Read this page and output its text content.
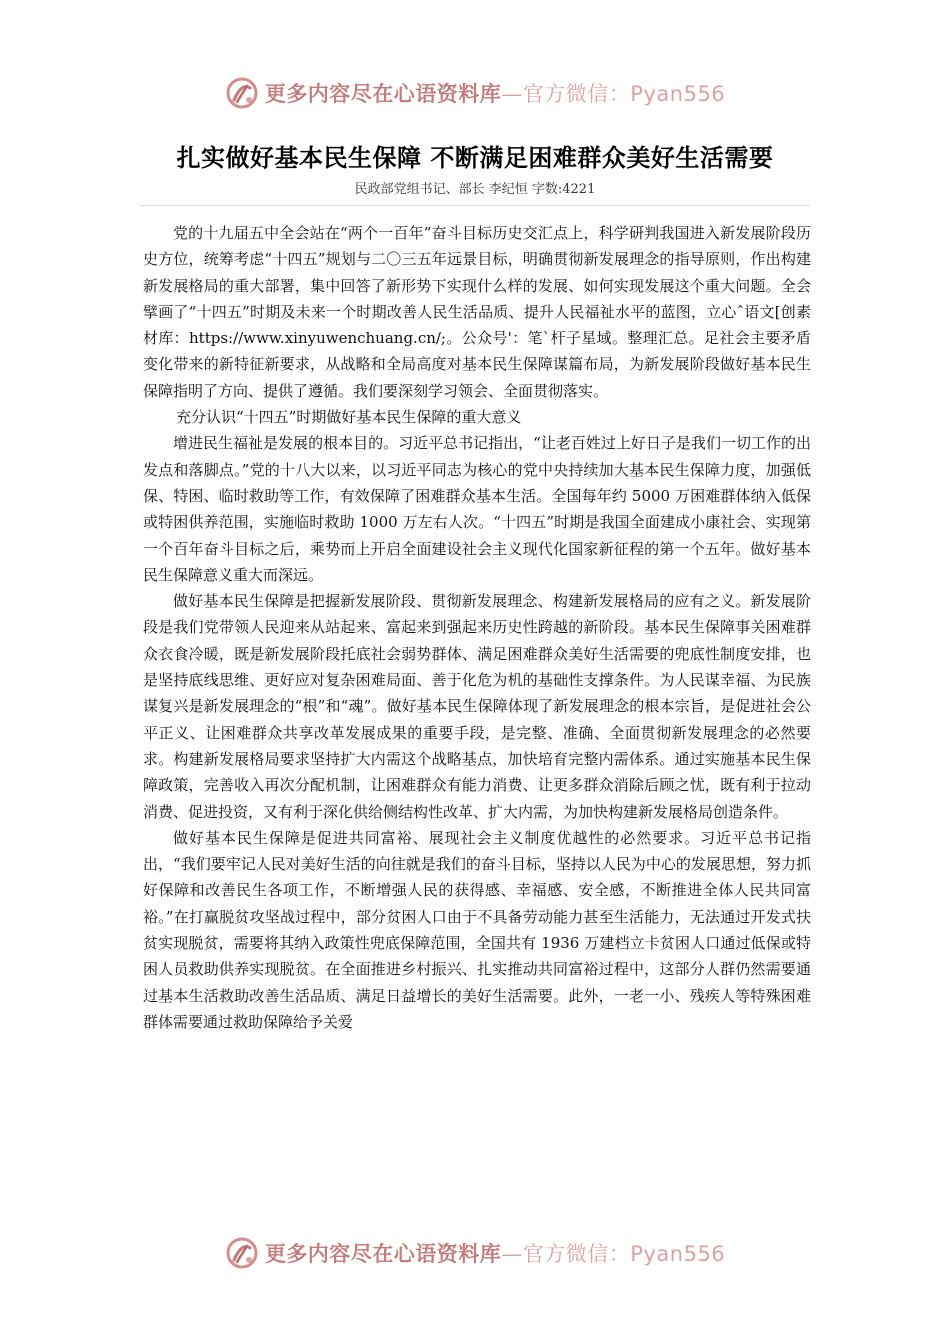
更多内容尽在心语资料库—官方微信：Pyan556
扎实做好基本民生保障 不断满足困难群众美好生活需要
民政部党组书记、部长 李纪恒 字数:4221

党的十九届五中全会站在“两个一百年”奋斗目标历史交汇点上，科学研判我国进入新发展阶段历史方位，统筹考虑“十四五”规划与二〇三五年远景目标，明确贯彻新发展理念的指导原则，作出构建新发展格局的重大部署，集中回答了新形势下实现什么样的发展、如何实现发展这个重大问题。全会擘画了“十四五”时期及未来一个时期改善人民生活品质、提升人民福祉水平的蓝图，立心ˆ语文[创素材库：https://www.xinyuwenchuang.cn/;。公众号'：笔`杆子星域。整理汇总。足社会主要矛盾变化带来的新特征新要求，从战略和全局高度对基本民生保障谋篇布局，为新发展阶段做好基本民生保障指明了方向、提供了遵循。我们要深刻学习领会、全面贯彻落实。

充分认识“十四五”时期做好基本民生保障的重大意义

增进民生福祉是发展的根本目的。习近平总书记指出，“让老百姓过上好日子是我们一切工作的出发点和落脚点。”党的十八大以来，以习近平同志为核心的党中央持续加大基本民生保障力度，加强低保、特困、临时救助等工作，有效保障了困难群众基本生活。全国每年约 5000 万困难群体纳入低保或特困供养范围，实施临时救助 1000 万左右人次。“十四五”时期是我国全面建成小康社会、实现第一个百年奋斗目标之后，乘势而上开启全面建设社会主义现代化国家新征程的第一个五年。做好基本民生保障意义重大而深远。

做好基本民生保障是把握新发展阶段、贯彻新发展理念、构建新发展格局的应有之义。新发展阶段是我们党带领人民迎来从站起来、富起来到强起来历史性跨越的新阶段。基本民生保障事关困难群众衣食冷暖，既是新发展阶段托底社会弱势群体、满足困难群众美好生活需要的兜底性制度安排，也是坚持底线思维、更好应对复杂困难局面、善于化危为机的基础性支撑条件。为人民谋幸福、为民族谋复兴是新发展理念的“根”和“魂”。做好基本民生保障体现了新发展理念的根本宗旨，是促进社会公平正义、让困难群众共享改革发展成果的重要手段，是完整、准确、全面贯彻新发展理念的必然要求。构建新发展格局要求坚持扩大内需这个战略基点，加快培育完整内需体系。通过实施基本民生保障政策，完善收入再次分配机制，让困难群众有能力消费、让更多群众消除后顾之忧，既有利于拉动消费、促进投资，又有利于深化供给侧结构性改革、扩大内需，为加快构建新发展格局创造条件。

做好基本民生保障是促进共同富裕、展现社会主义制度优越性的必然要求。习近平总书记指出，“我们要牢记人民对美好生活的向往就是我们的奋斗目标，坚持以人民为中心的发展思想，努力抓好保障和改善民生各项工作，不断增强人民的获得感、幸福感、安全感，不断推进全体人民共同富裕。”在打赢脱贫攻坚战过程中，部分贫困人口由于不具备劳动能力甚至生活能力，无法通过开发式扶贫实现脱贫，需要将其纳入政策性兜底保障范围，全国共有 1936 万建档立卡贫困人口通过低保或特困人员救助供养实现脱贫。在全面推进乡村振兴、扎实推动共同富裕过程中，这部分人群仍然需要通过基本生活救助改善生活品质、满足日益增长的美好生活需要。此外，一老一小、残疾人等特殊困难群体需要通过救助保障给予关爱

更多内容尽在心语资料库—官方微信：Pyan556
